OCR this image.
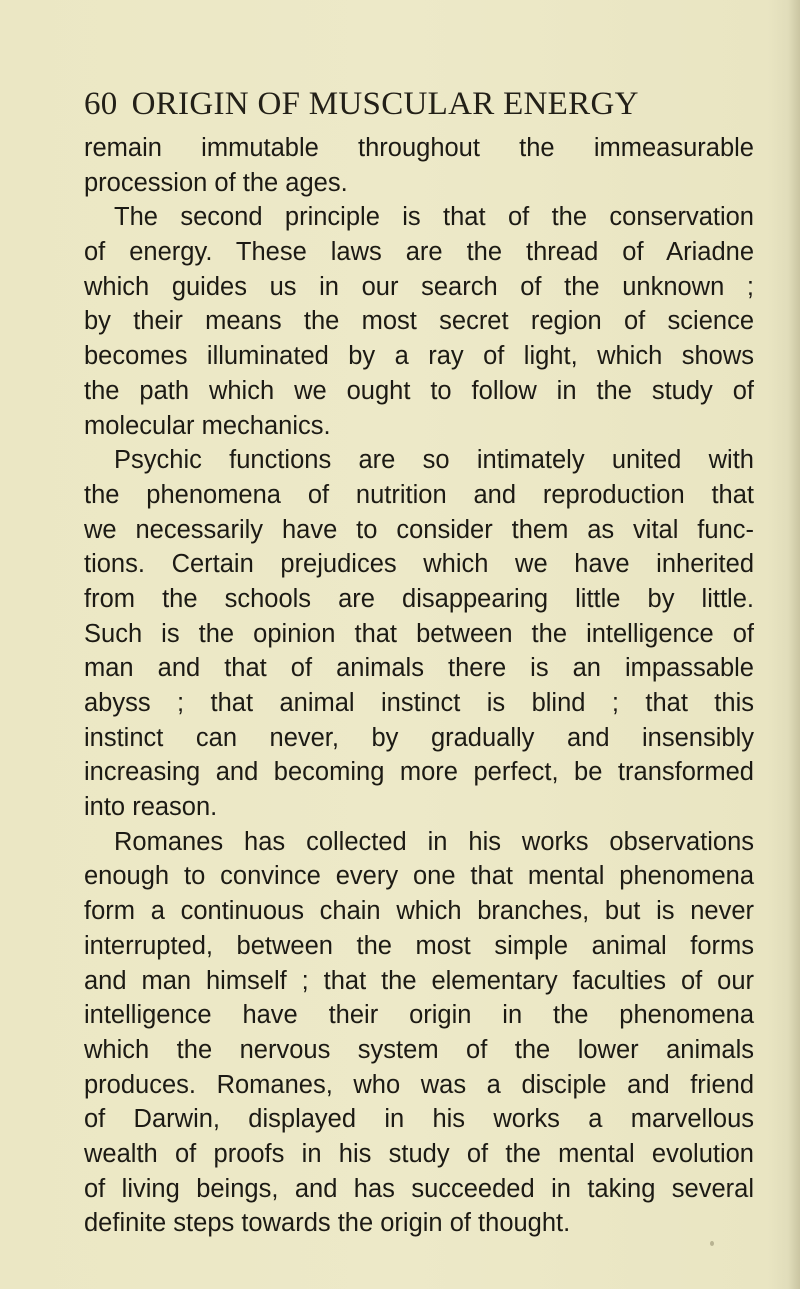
60 ORIGIN OF MUSCULAR ENERGY
remain immutable throughout the immeasurable
procession of the ages.
The second principle is that of the conservation
of energy. These laws are the thread of Ariadne
which guides us in our search of the unknown ;
by their means the most secret region of science
becomes illuminated by a ray of light, which shows
the path which we ought to follow in the study of
molecular mechanics.
Psychic functions are so intimately united with
the phenomena of nutrition and reproduction that
we necessarily have to consider them as vital func-
tions. Certain prejudices which we have inherited
from the schools are disappearing little by little.
Such is the opinion that between the intelligence of
man and that of animals there is an impassable
abyss ; that animal instinct is blind ; that this
instinct can never, by gradually and insensibly
increasing and becoming more perfect, be transformed
into reason.
Romanes has collected in his works observations
enough to convince every one that mental phenomena
form a continuous chain which branches, but is never
interrupted, between the most simple animal forms
and man himself ; that the elementary faculties of our
intelligence have their origin in the phenomena
which the nervous system of the lower animals
produces. Romanes, who was a disciple and friend
of Darwin, displayed in his works a marvellous
wealth of proofs in his study of the mental evolution
of living beings, and has succeeded in taking several
definite steps towards the origin of thought.
